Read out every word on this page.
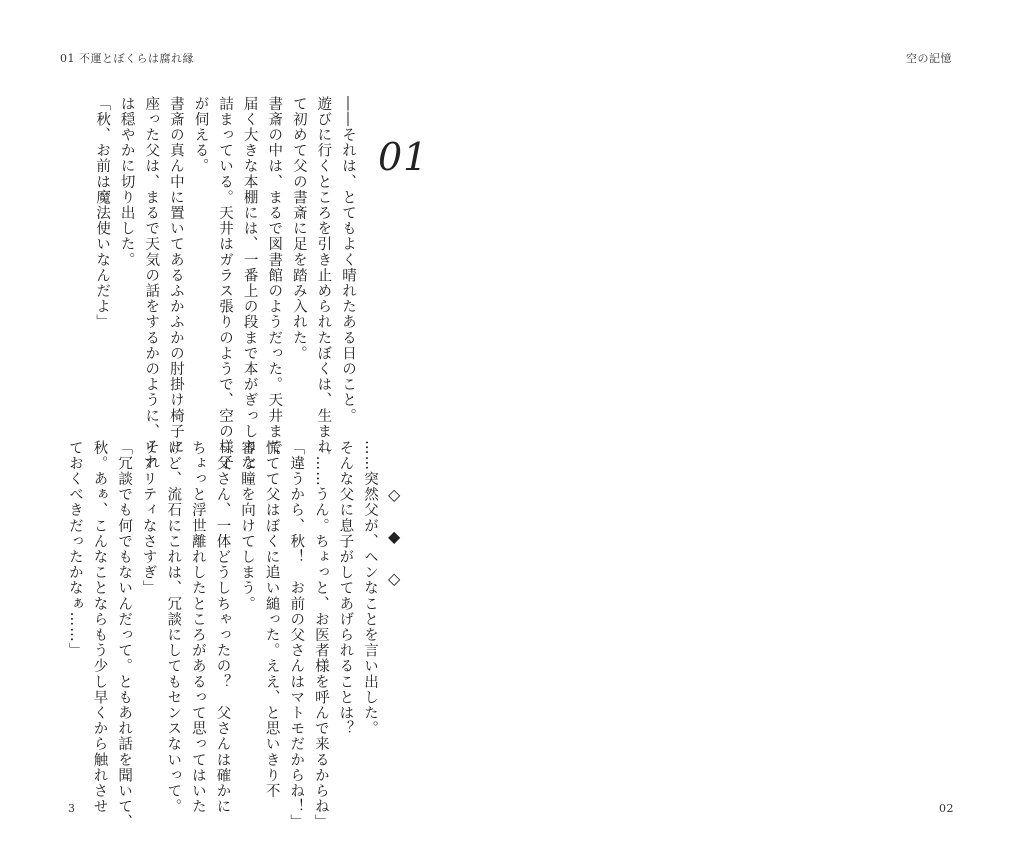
01 不運とぼくらは腐れ縁	空の記憶
01

――それは、とてもよく晴れたある日のこと。

遊びに行くところを引き止められたぼくは、生まれ

て初めて父の書斎に足を踏み入れた。

書斎の中は、まるで図書館のようだった。天井まで

届く大きな本棚には、一番上の段まで本がぎっしりと

詰まっている。天井はガラス張りのようで、空の様子

が伺える。

書斎の真ん中に置いてあるふかふかの肘掛け椅子に

座った父は、まるで天気の話をするかのように、それ

は穏やかに切り出した。

「秋、お前は魔法使いなんだよ」

◇
◆
◇

……突然父が、ヘンなことを言い出した。

そんな父に息子がしてあげられることは？

「……うん。ちょっと、お医者様を呼んで来るからね」

「違うから、秋！　お前の父さんはマトモだからね！」

慌てて父はぼくに追い縋った。ええ、と思いきり不

審な瞳を向けてしまう。

「父さん、一体どうしちゃったの？　父さんは確かに

ちょっと浮世離れしたところがあるって思ってはいた

けど、流石にこれは、冗談にしてもセンスないって。

リアリティなさすぎ」

「冗談でも何でもないんだって。ともあれ話を聞いて、

秋。あぁ、こんなことならもう少し早くから触れさせ

ておくべきだったかなぁ……」

3	02
